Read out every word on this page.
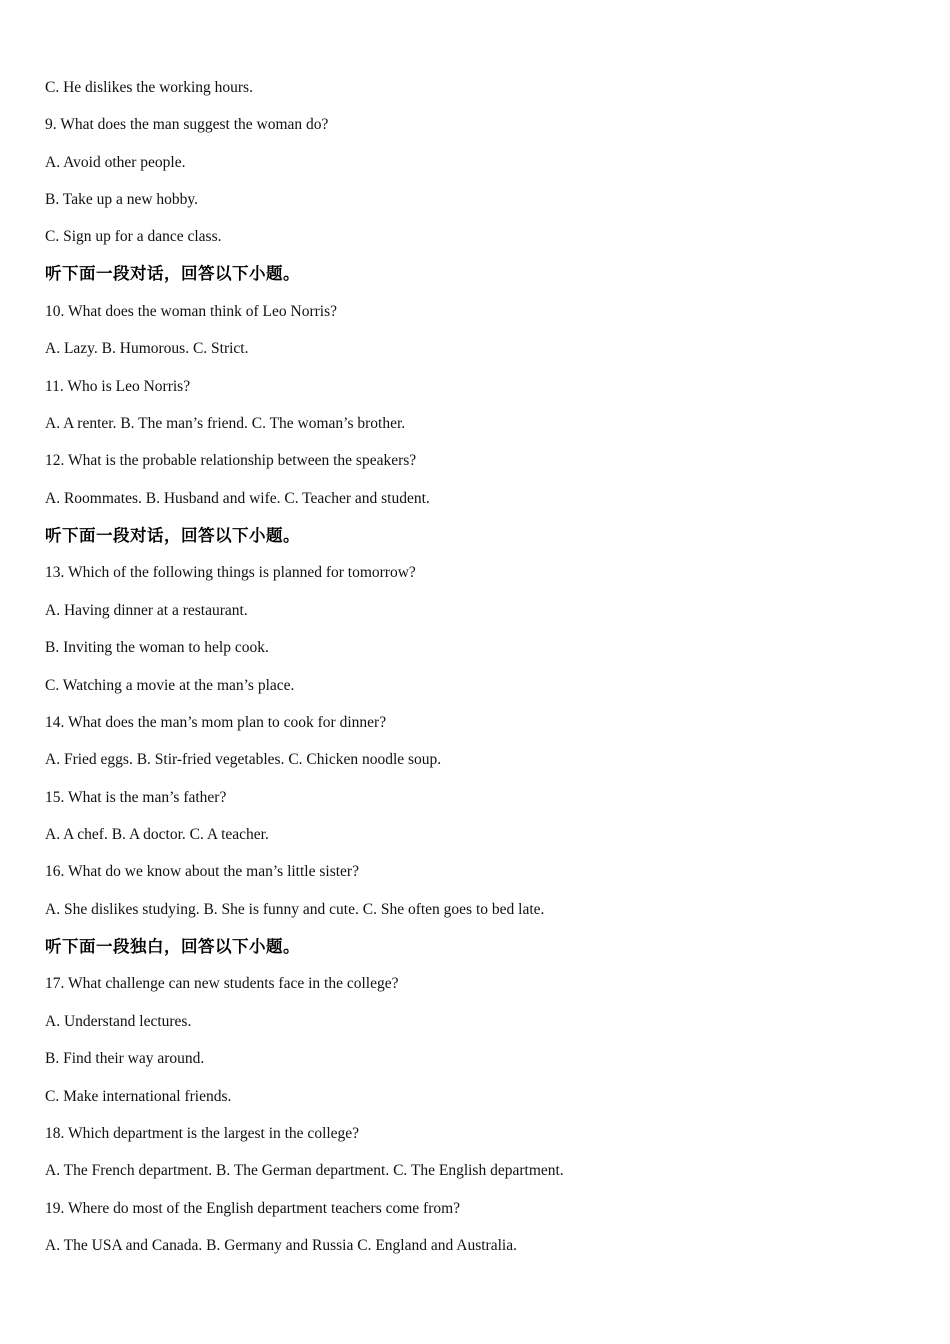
C. He dislikes the working hours.
9. What does the man suggest the woman do?
A. Avoid other people.
B. Take up a new hobby.
C. Sign up for a dance class.
听下面一段对话，回答以下小题。
10. What does the woman think of Leo Norris?
A. Lazy. B. Humorous. C. Strict.
11. Who is Leo Norris?
A. A renter. B. The man’s friend. C. The woman’s brother.
12. What is the probable relationship between the speakers?
A. Roommates. B. Husband and wife. C. Teacher and student.
听下面一段对话，回答以下小题。
13. Which of the following things is planned for tomorrow?
A. Having dinner at a restaurant.
B. Inviting the woman to help cook.
C. Watching a movie at the man’s place.
14. What does the man’s mom plan to cook for dinner?
A. Fried eggs. B. Stir-fried vegetables. C. Chicken noodle soup.
15. What is the man’s father?
A. A chef. B. A doctor. C. A teacher.
16. What do we know about the man’s little sister?
A. She dislikes studying. B. She is funny and cute. C. She often goes to bed late.
听下面一段独白，回答以下小题。
17. What challenge can new students face in the college?
A. Understand lectures.
B. Find their way around.
C. Make international friends.
18. Which department is the largest in the college?
A. The French department. B. The German department. C. The English department.
19. Where do most of the English department teachers come from?
A. The USA and Canada. B. Germany and Russia C. England and Australia.
